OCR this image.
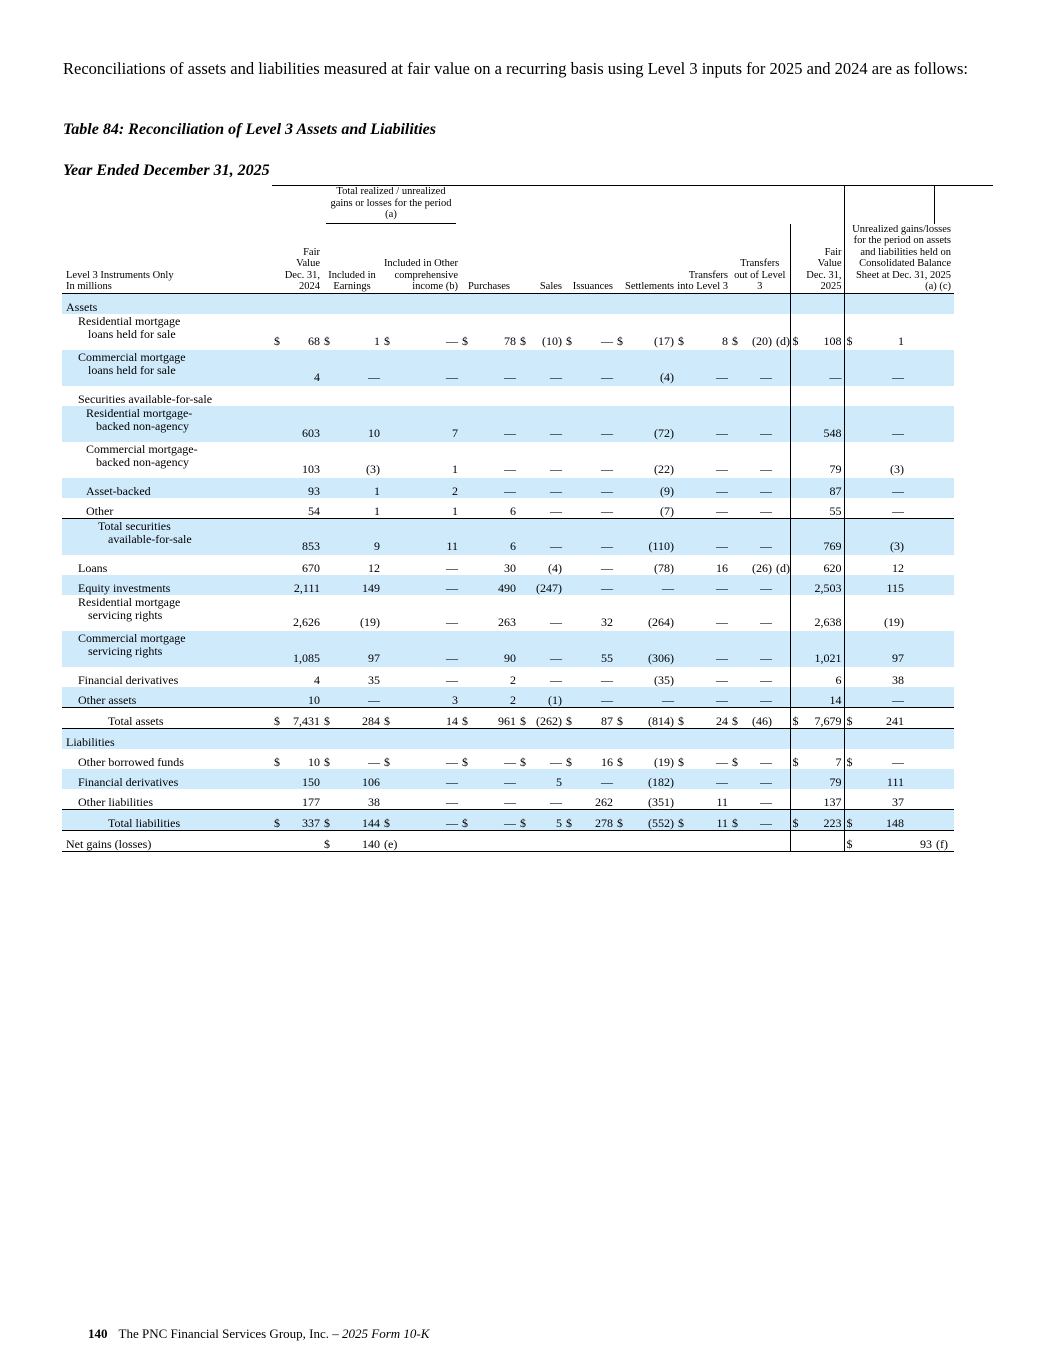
Reconciliations of assets and liabilities measured at fair value on a recurring basis using Level 3 inputs for 2025 and 2024 are as follows:

Table 84: Reconciliation of Level 3 Assets and Liabilities

Year Ended December 31, 2025

			Total realized / unrealized gains or losses for the period (a)																					

Level 3 Instruments Only
In millions	Fair Value Dec. 31, 2024		Included in Earnings		Included in Other comprehensive income (b)		Purchases		Sales		Issuances		Settlements		Transfers into Level 3		Transfers out of Level 3			Fair Value Dec. 31, 2025		Unrealized gains/losses for the period on assets and liabilities held on Consolidated Balance Sheet at Dec. 31, 2025 (a) (c)		

Assets																								

Residential mortgage
loans held for sale	$	68	$	1	$	—	$	78	$	(10)	$	—	$	(17)	$	8	$	(20)	(d)	$	108	$	1	

Commercial mortgage
loans held for sale		4		—		—		—		—		—		(4)		—		—			—		—	

Securities available-for-sale																								

Residential mortgage-
backed non-agency		603		10		7		—		—		—		(72)		—		—			548		—	

Commercial mortgage-
backed non-agency		103		(3)		1		—		—		—		(22)		—		—			79		(3)	

Asset-backed		93		1		2		—		—		—		(9)		—		—			87		—	

Other		54		1		1		6		—		—		(7)		—		—			55		—	

Total securities
available-for-sale		853		9		11		6		—		—		(110)		—		—			769		(3)	

Loans		670		12		—		30		(4)		—		(78)		16		(26)	(d)		620		12	

Equity investments		2,111		149		—		490		(247)		—		—		—		—			2,503		115	

Residential mortgage
servicing rights		2,626		(19)		—		263		—		32		(264)		—		—			2,638		(19)	

Commercial mortgage
servicing rights		1,085		97		—		90		—		55		(306)		—		—			1,021		97	

Financial derivatives		4		35		—		2		—		—		(35)		—		—			6		38	

Other assets		10		—		3		2		(1)		—		—		—		—			14		—	

Total assets	$	7,431	$	284	$	14	$	961	$	(262)	$	87	$	(814)	$	24	$	(46)		$	7,679	$	241	

Liabilities																								

Other borrowed funds	$	10	$	—	$	—	$	—	$	—	$	16	$	(19)	$	—	$	—		$	7	$	—	

Financial derivatives		150		106		—		—		5		—		(182)		—		—			79		111	

Other liabilities		177		38		—		—		—		262		(351)		11		—			137		37	

Total liabilities	$	337	$	144	$	—	$	—	$	5	$	278	$	(552)	$	11	$	—		$	223	$	148	

Net gains (losses)			$	140	(e)																	$	93	(f)
140 The PNC Financial Services Group, Inc. – 2025 Form 10-K
